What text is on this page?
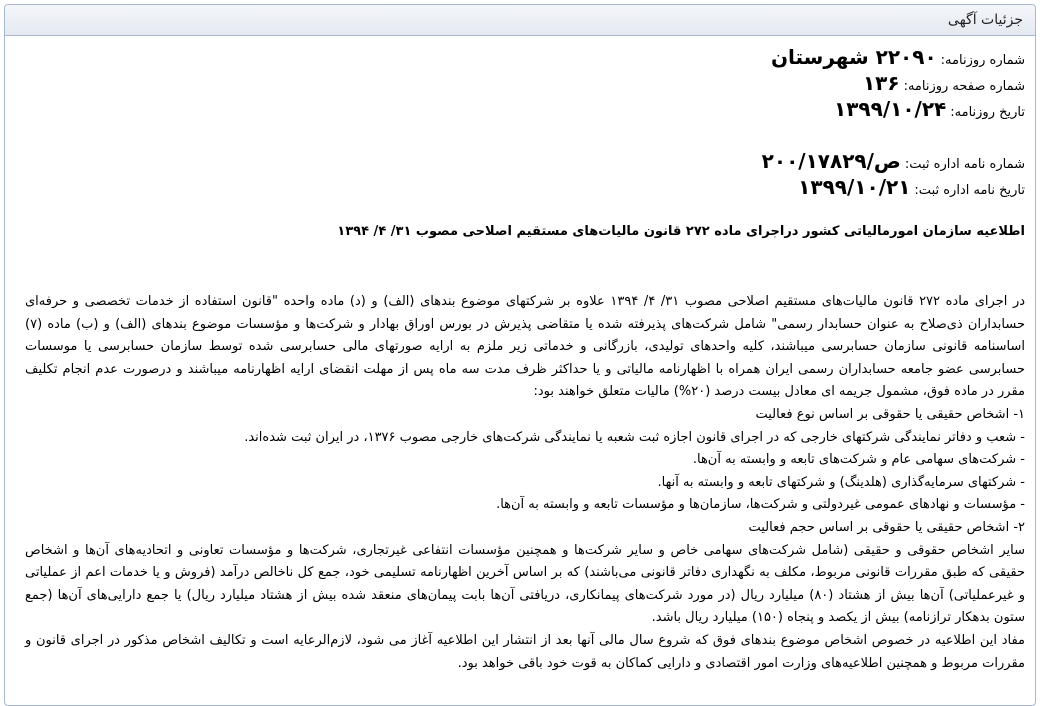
جزئیات آگهی
شماره روزنامه:۲۲۰۹۰ شهرستان
شماره صفحه روزنامه:۱۳۶
تاریخ روزنامه:۱۳۹۹/۱۰/۲۴
شماره نامه اداره ثبت:ص/۲۰۰/۱۷۸۲۹
تاریخ نامه اداره ثبت:۱۳۹۹/۱۰/۲۱
اطلاعیه سازمان امورمالیاتی کشور دراجرای ماده ۲۷۲ قانون مالیات‌های مستقیم اصلاحی مصوب ۳۱/ ۴/ ۱۳۹۴

در اجرای ماده ۲۷۲ قانون مالیات‌های مستقیم اصلاحی مصوب ۳۱/ ۴/ ۱۳۹۴ علاوه بر شرکتهای موضوع بندهای (الف) و (د) ماده واحده "قانون استفاده از خدمات تخصصی و حرفه‌ای حسابداران ذی‌صلاح به عنوان حسابدار رسمی" شامل شرکت‌های پذیرفته شده یا متقاضی پذیرش در بورس اوراق بهادار و شرکت‌ها و مؤسسات موضوع بندهای (الف) و (ب) ماده (۷) اساسنامه قانونی سازمان حسابرسی میباشند، کلیه واحدهای تولیدی، بازرگانی و خدماتی زیر ملزم به ارایه صورتهای مالی حسابرسی شده توسط سازمان حسابرسی یا موسسات حسابرسی عضو جامعه حسابداران رسمی ایران همراه با اظهارنامه مالیاتی و یا حداکثر ظرف مدت سه ماه پس از مهلت انقضای ارایه اظهارنامه میباشند و درصورت عدم انجام تکلیف مقرر در ماده فوق، مشمول جریمه ای معادل بیست درصد (۲۰%) مالیات متعلق خواهند بود:

۱- اشخاص حقیقی یا حقوقی بر اساس نوع فعالیت

- شعب و دفاتر نمایندگی شرکتهای خارجی که در اجرای قانون اجازه ثبت شعبه یا نمایندگی شرکت‌های خارجی مصوب ۱۳۷۶، در ایران ثبت شده‌اند.

- شرکت‌های سهامی عام و شرکت‌های تابعه و وابسته به آن‌ها.

- شرکتهای سرمایه‌گذاری (هلدینگ) و شرکتهای تابعه و وابسته به آنها.

- مؤسسات و نهادهای عمومی غیردولتی و شرکت‌ها، سازمان‌ها و مؤسسات تابعه و وابسته به آن‌ها.

۲- اشخاص حقیقی یا حقوقی بر اساس حجم فعالیت

سایر اشخاص حقوقی و حقیقی (شامل شرکت‌های سهامی خاص و سایر شرکت‌ها و همچنین مؤسسات انتفاعی غیرتجاری، شرکت‌ها و مؤسسات تعاونی و اتحادیه‌های آن‌ها و اشخاص حقیقی که طبق مقررات قانونی مربوط، مکلف به نگهداری دفاتر قانونی می‌باشند) که بر اساس آخرین اظهارنامه تسلیمی خود، جمع کل ناخالص درآمد (فروش و یا خدمات اعم از عملیاتی و غیرعملیاتی) آن‌ها بیش از هشتاد (۸۰) میلیارد ریال (در مورد شرکت‌های پیمانکاری، دریافتی آن‌ها بابت پیمان‌های منعقد شده بیش از هشتاد میلیارد ریال) یا جمع دارایی‌های آن‌ها (جمع ستون بدهکار ترازنامه) بیش از یکصد و پنجاه (۱۵۰) میلیارد ریال باشد.

مفاد این اطلاعیه در خصوص اشخاص موضوع بندهای فوق که شروع سال مالی آنها بعد از انتشار این اطلاعیه آغاز می شود، لازم‌الرعایه است و تکالیف اشخاص مذکور در اجرای قانون و مقررات مربوط و همچنین اطلاعیه‌های وزارت امور اقتصادی و دارایی کماکان به قوت خود باقی خواهد بود.
